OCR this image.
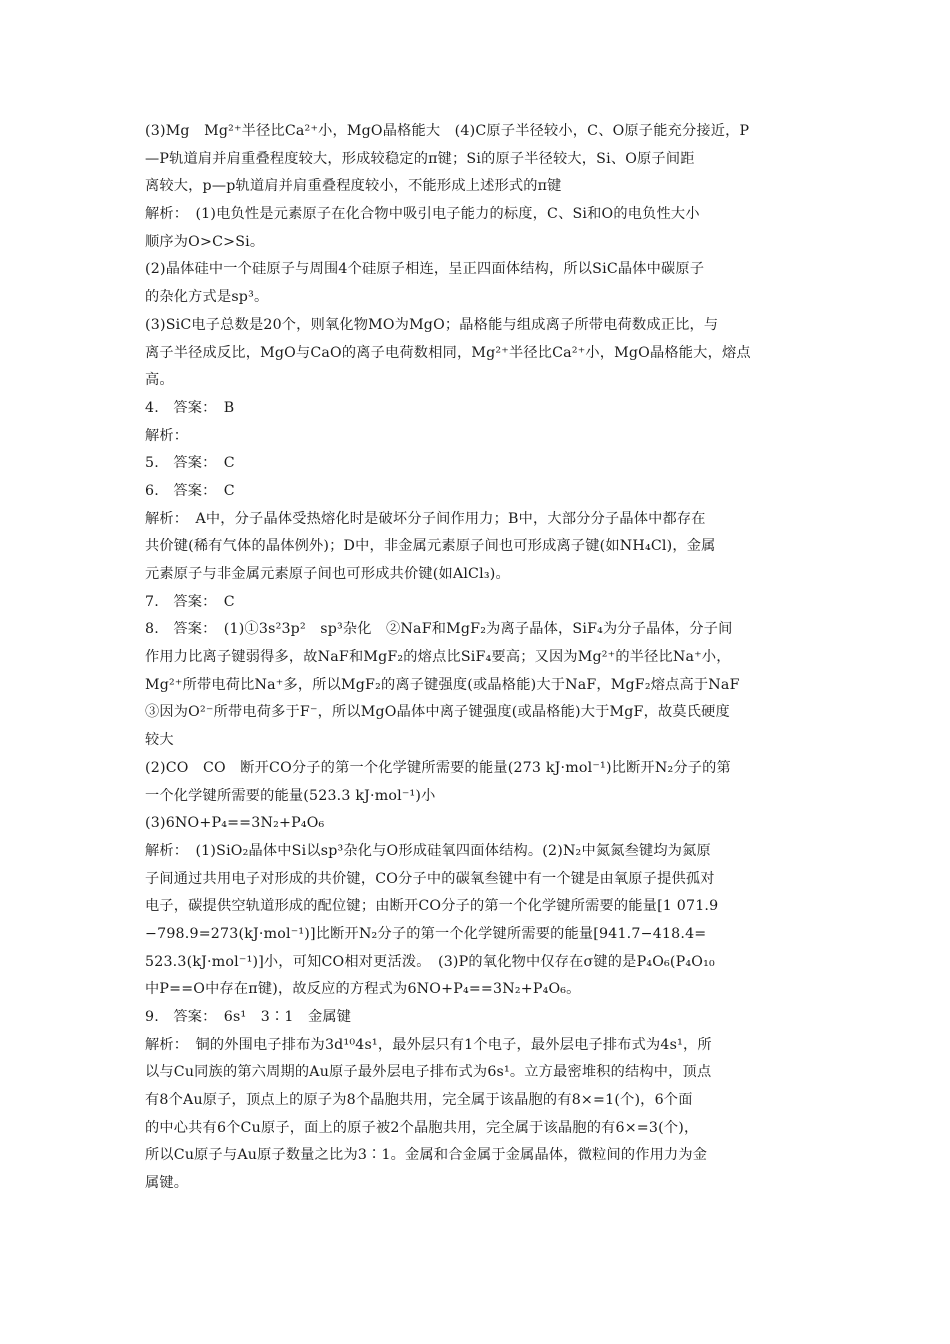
(3)Mg　Mg²⁺半径比Ca²⁺小，MgO晶格能大　(4)C原子半径较小，C、O原子能充分接近，P
—P轨道肩并肩重叠程度较大，形成较稳定的π键；Si的原子半径较大，Si、O原子间距
离较大，p—p轨道肩并肩重叠程度较小，不能形成上述形式的π键
解析：　(1)电负性是元素原子在化合物中吸引电子能力的标度，C、Si和O的电负性大小
顺序为O>C>Si。
(2)晶体硅中一个硅原子与周围4个硅原子相连，呈正四面体结构，所以SiC晶体中碳原子
的杂化方式是sp³。
(3)SiC电子总数是20个，则氧化物MO为MgO；晶格能与组成离子所带电荷数成正比，与
离子半径成反比，MgO与CaO的离子电荷数相同，Mg²⁺半径比Ca²⁺小，MgO晶格能大，熔点
高。
4.　答案：　B
解析：
5.　答案：　C
6.　答案：　C
解析：　A中，分子晶体受热熔化时是破坏分子间作用力；B中，大部分分子晶体中都存在
共价键(稀有气体的晶体例外)；D中，非金属元素原子间也可形成离子键(如NH₄Cl)，金属
元素原子与非金属元素原子间也可形成共价键(如AlCl₃)。
7.　答案：　C
8.　答案：　(1)①3s²3p²　sp³杂化　②NaF和MgF₂为离子晶体，SiF₄为分子晶体，分子间
作用力比离子键弱得多，故NaF和MgF₂的熔点比SiF₄要高；又因为Mg²⁺的半径比Na⁺小，
Mg²⁺所带电荷比Na⁺多，所以MgF₂的离子键强度(或晶格能)大于NaF，MgF₂熔点高于NaF
③因为O²⁻所带电荷多于F⁻，所以MgO晶体中离子键强度(或晶格能)大于MgF，故莫氏硬度
较大
(2)CO　CO　断开CO分子的第一个化学键所需要的能量(273 kJ·mol⁻¹)比断开N₂分子的第
一个化学键所需要的能量(523.3 kJ·mol⁻¹)小
(3)6NO+P₄==3N₂+P₄O₆
解析：　(1)SiO₂晶体中Si以sp³杂化与O形成硅氧四面体结构。(2)N₂中氮氮叁键均为氮原
子间通过共用电子对形成的共价键，CO分子中的碳氧叁键中有一个键是由氧原子提供孤对
电子，碳提供空轨道形成的配位键；由断开CO分子的第一个化学键所需要的能量[1 071.9
−798.9=273(kJ·mol⁻¹)]比断开N₂分子的第一个化学键所需要的能量[941.7−418.4=
523.3(kJ·mol⁻¹)]小，可知CO相对更活泼。　(3)P的氧化物中仅存在σ键的是P₄O₆(P₄O₁₀
中P==O中存在π键)，故反应的方程式为6NO+P₄==3N₂+P₄O₆。
9.　答案：　6s¹　3∶1　金属键
解析：　铜的外围电子排布为3d¹⁰4s¹，最外层只有1个电子，最外层电子排布式为4s¹，所
以与Cu同族的第六周期的Au原子最外层电子排布式为6s¹。立方最密堆积的结构中，顶点
有8个Au原子，顶点上的原子为8个晶胞共用，完全属于该晶胞的有8×=1(个)，6个面
的中心共有6个Cu原子，面上的原子被2个晶胞共用，完全属于该晶胞的有6×=3(个)，
所以Cu原子与Au原子数量之比为3∶1。金属和合金属于金属晶体，微粒间的作用力为金
属键。
